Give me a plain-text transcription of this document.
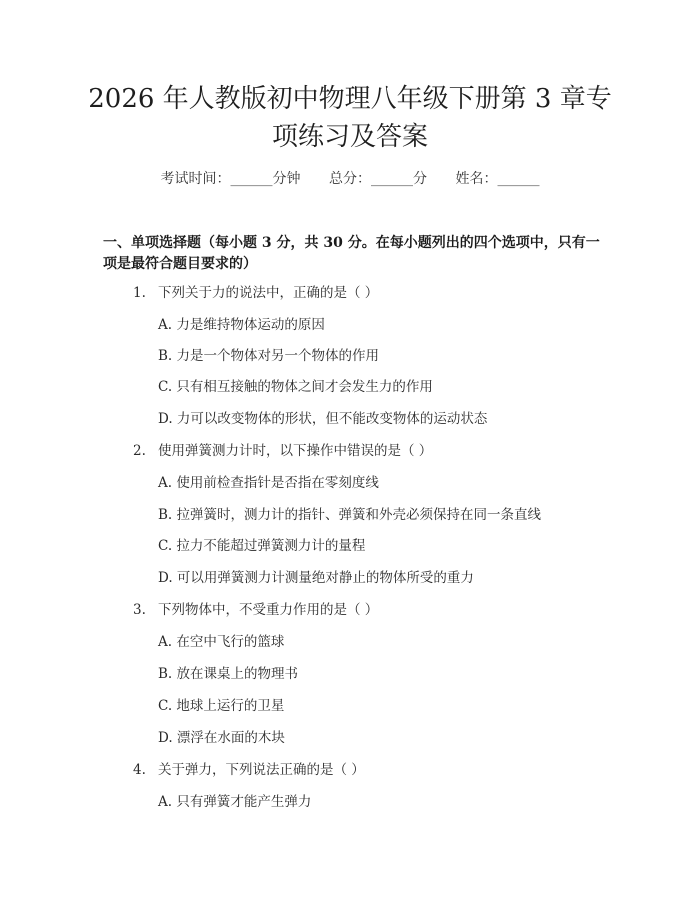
2026 年人教版初中物理八年级下册第 3 章专
项练习及答案
考试时间：______分钟 总分：______分 姓名：______
一、单项选择题（每小题 3 分，共 30 分。在每小题列出的四个选项中，只有一项是最符合题目要求的）
1. 下列关于力的说法中，正确的是（ ）
A. 力是维持物体运动的原因
B. 力是一个物体对另一个物体的作用
C. 只有相互接触的物体之间才会发生力的作用
D. 力可以改变物体的形状，但不能改变物体的运动状态
2. 使用弹簧测力计时，以下操作中错误的是（ ）
A. 使用前检查指针是否指在零刻度线
B. 拉弹簧时，测力计的指针、弹簧和外壳必须保持在同一条直线
C. 拉力不能超过弹簧测力计的量程
D. 可以用弹簧测力计测量绝对静止的物体所受的重力
3. 下列物体中，不受重力作用的是（ ）
A. 在空中飞行的篮球
B. 放在课桌上的物理书
C. 地球上运行的卫星
D. 漂浮在水面的木块
4. 关于弹力，下列说法正确的是（ ）
A. 只有弹簧才能产生弹力
